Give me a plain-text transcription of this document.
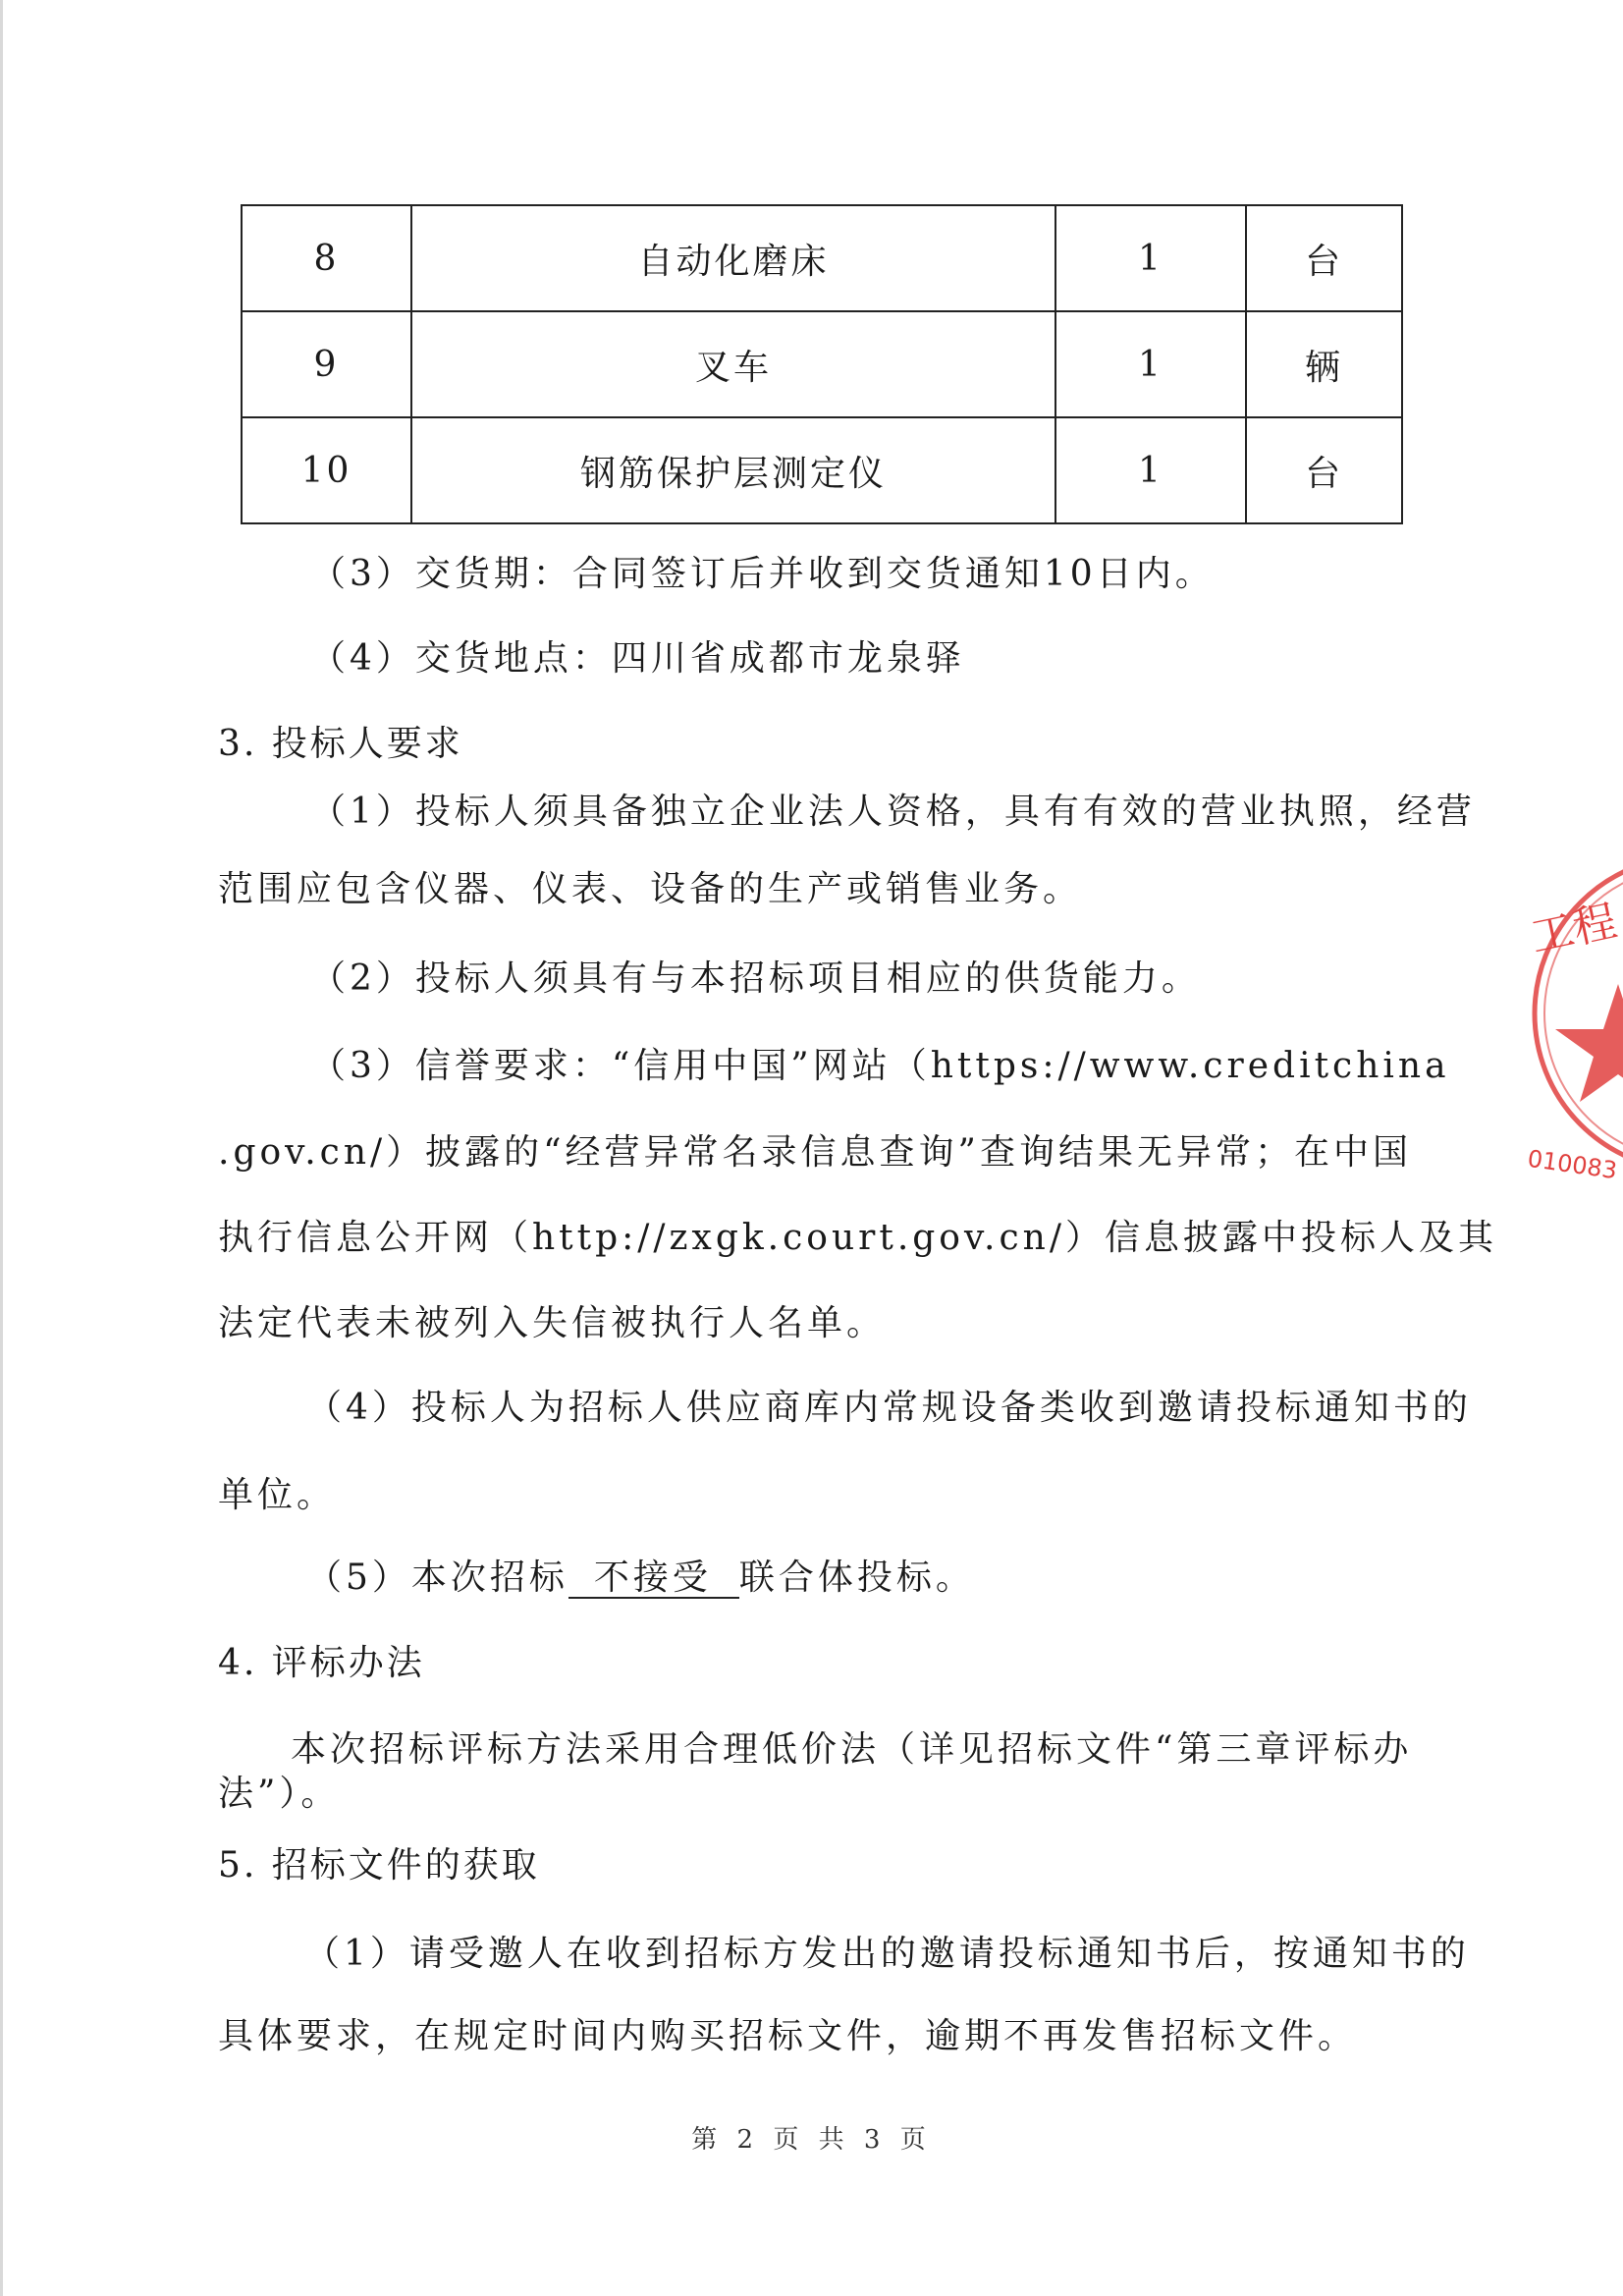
8	自动化磨床	1	台
9	叉车	1	辆
10	钢筋保护层测定仪	1	台
（3）交货期：合同签订后并收到交货通知10日内。
（4）交货地点：四川省成都市龙泉驿
3. 投标人要求
（1）投标人须具备独立企业法人资格，具有有效的营业执照，经营
范围应包含仪器、仪表、设备的生产或销售业务。
（2）投标人须具有与本招标项目相应的供货能力。
（3）信誉要求：“信用中国”网站（https://www.creditchina
.gov.cn/）披露的“经营异常名录信息查询”查询结果无异常；在中国
执行信息公开网（http://zxgk.court.gov.cn/）信息披露中投标人及其
法定代表未被列入失信被执行人名单。
（4）投标人为招标人供应商库内常规设备类收到邀请投标通知书的
单位。
（5）本次招标 不接受 联合体投标。
4. 评标办法
本次招标评标方法采用合理低价法（详见招标文件“第三章评标办
法”）。
5. 招标文件的获取
（1）请受邀人在收到招标方发出的邀请投标通知书后，按通知书的
具体要求，在规定时间内购买招标文件，逾期不再发售招标文件。
工程
010083
第 2 页 共 3 页
